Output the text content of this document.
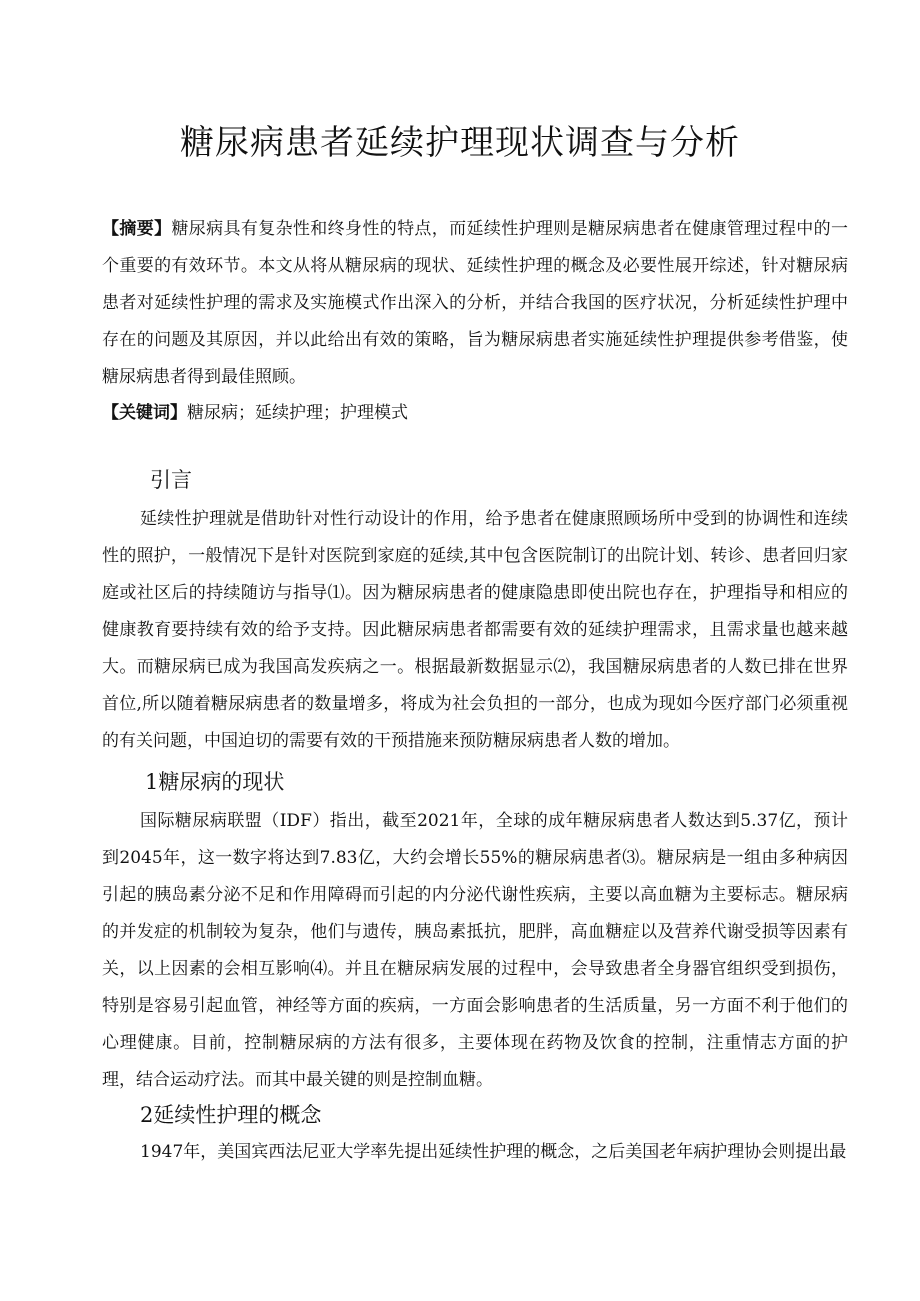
糖尿病患者延续护理现状调查与分析

【摘要】糖尿病具有复杂性和终身性的特点，而延续性护理则是糖尿病患者在健康管理过程中的一个重要的有效环节。本文从将从糖尿病的现状、延续性护理的概念及必要性展开综述，针对糖尿病患者对延续性护理的需求及实施模式作出深入的分析，并结合我国的医疗状况，分析延续性护理中存在的问题及其原因，并以此给出有效的策略，旨为糖尿病患者实施延续性护理提供参考借鉴，使糖尿病患者得到最佳照顾。

【关键词】糖尿病；延续护理；护理模式

引言

延续性护理就是借助针对性行动设计的作用，给予患者在健康照顾场所中受到的协调性和连续性的照护，一般情况下是针对医院到家庭的延续,其中包含医院制订的出院计划、转诊、患者回归家庭或社区后的持续随访与指导⑴。因为糖尿病患者的健康隐患即使出院也存在，护理指导和相应的健康教育要持续有效的给予支持。因此糖尿病患者都需要有效的延续护理需求，且需求量也越来越大。而糖尿病已成为我国高发疾病之一。根据最新数据显示⑵，我国糖尿病患者的人数已排在世界首位,所以随着糖尿病患者的数量增多，将成为社会负担的一部分，也成为现如今医疗部门必须重视的有关问题，中国迫切的需要有效的干预措施来预防糖尿病患者人数的增加。

1糖尿病的现状

国际糖尿病联盟（IDF）指出，截至2021年，全球的成年糖尿病患者人数达到5.37亿，预计到2045年，这一数字将达到7.83亿，大约会增长55%的糖尿病患者⑶。糖尿病是一组由多种病因引起的胰岛素分泌不足和作用障碍而引起的内分泌代谢性疾病，主要以高血糖为主要标志。糖尿病的并发症的机制较为复杂，他们与遗传，胰岛素抵抗，肥胖，高血糖症以及营养代谢受损等因素有关，以上因素的会相互影响⑷。并且在糖尿病发展的过程中，会导致患者全身器官组织受到损伤，特别是容易引起血管，神经等方面的疾病，一方面会影响患者的生活质量，另一方面不利于他们的心理健康。目前，控制糖尿病的方法有很多，主要体现在药物及饮食的控制，注重情志方面的护理，结合运动疗法。而其中最关键的则是控制血糖。

2延续性护理的概念

1947年，美国宾西法尼亚大学率先提出延续性护理的概念，之后美国老年病护理协会则提出最
